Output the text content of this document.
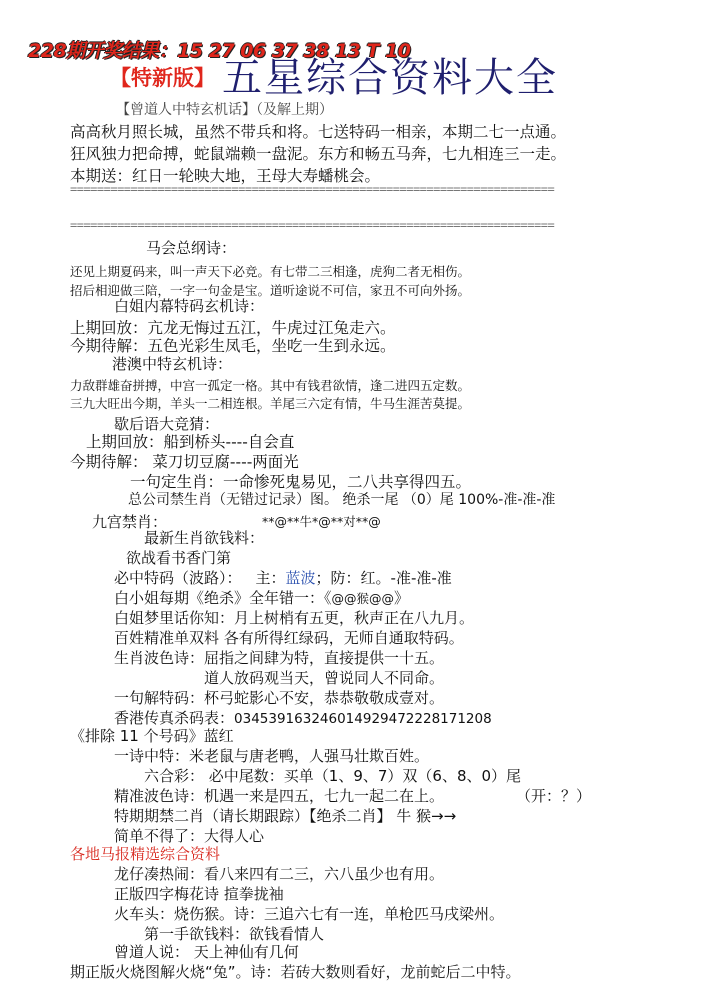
228期开奖结果：15 27 06 37 38 13 T 10
【特新版】 五星综合资料大全
【曾道人中特玄机话】（及解上期）
高高秋月照长城，虽然不带兵和将。七送特码一相亲，本期二七一点通。
狂风独力把命搏，蛇鼠端赖一盘泥。东方和畅五马奔，七九相连三一走。
本期送：红日一轮映大地，王母大寿蟠桃会。
========================================================================
========================================================================
马会总纲诗：
还见上期夏码来，叫一声天下必竞。有七带二三相逢，虎狗二者无相伤。
招后相迎做三陪，一字一句金是宝。道听途说不可信，家丑不可向外扬。
白姐内幕特码玄机诗：
上期回放：亢龙无悔过五江，牛虎过江兔走六。
今期待解：五色光彩生凤毛，坐吃一生到永远。
港澳中特玄机诗：
力敌群雄奋拼搏，中宫一孤定一格。其中有钱君欲情，逢二进四五定数。
三九大旺出今期，羊头一二相连根。羊尾三六定有情，牛马生涯苦莫提。
歇后语大竞猜：
上期回放：船到桥头----自会直
今期待解： 菜刀切豆腐----两面光
一句定生肖：一命惨死鬼易见，二八共享得四五。
总公司禁生肖（无错过记录）图。 绝杀一尾 （0）尾 100%-准-准-准
九宫禁肖：	**@**牛*@**对**@
最新生肖欲钱料：
欲战看书香门第
必中特码（波路）： 主：蓝波；防：红。-准-准-准
白小姐每期《绝杀》全年错一：《@@猴@@》
白姐梦里话你知：月上树梢有五更，秋声正在八九月。
百姓精准单双料 各有所得红绿码，无师自通取特码。
生肖波色诗：屈指之间肆为特，直接提供一十五。
道人放码观当天，曾说同人不同命。
一句解特码：杯弓蛇影心不安，恭恭敬敬成壹对。
香港传真杀码表：034539163246014929472228171208
《排除 11 个号码》蓝红
一诗中特：米老鼠与唐老鸭，人强马壮欺百姓。
六合彩： 必中尾数：买单（1、9、7）双（6、8、0）尾
精准波色诗：机遇一来是四五，七九一起二在上。	（开：？）
特期期禁二肖（请长期跟踪）【绝杀二肖】 牛 猴→→
简单不得了：大得人心
各地马报精选综合资料
龙仔凑热闹：看八来四有二三，六八虽少也有用。
正版四字梅花诗 揎拳拢袖
火车头：烧伤猴。诗：三追六七有一连，单枪匹马戌梁州。
第一手欲钱料：欲钱看情人
曾道人说： 天上神仙有几何
期正版火烧图解火烧“兔”。诗：若砖大数则看好，龙前蛇后二中特。
